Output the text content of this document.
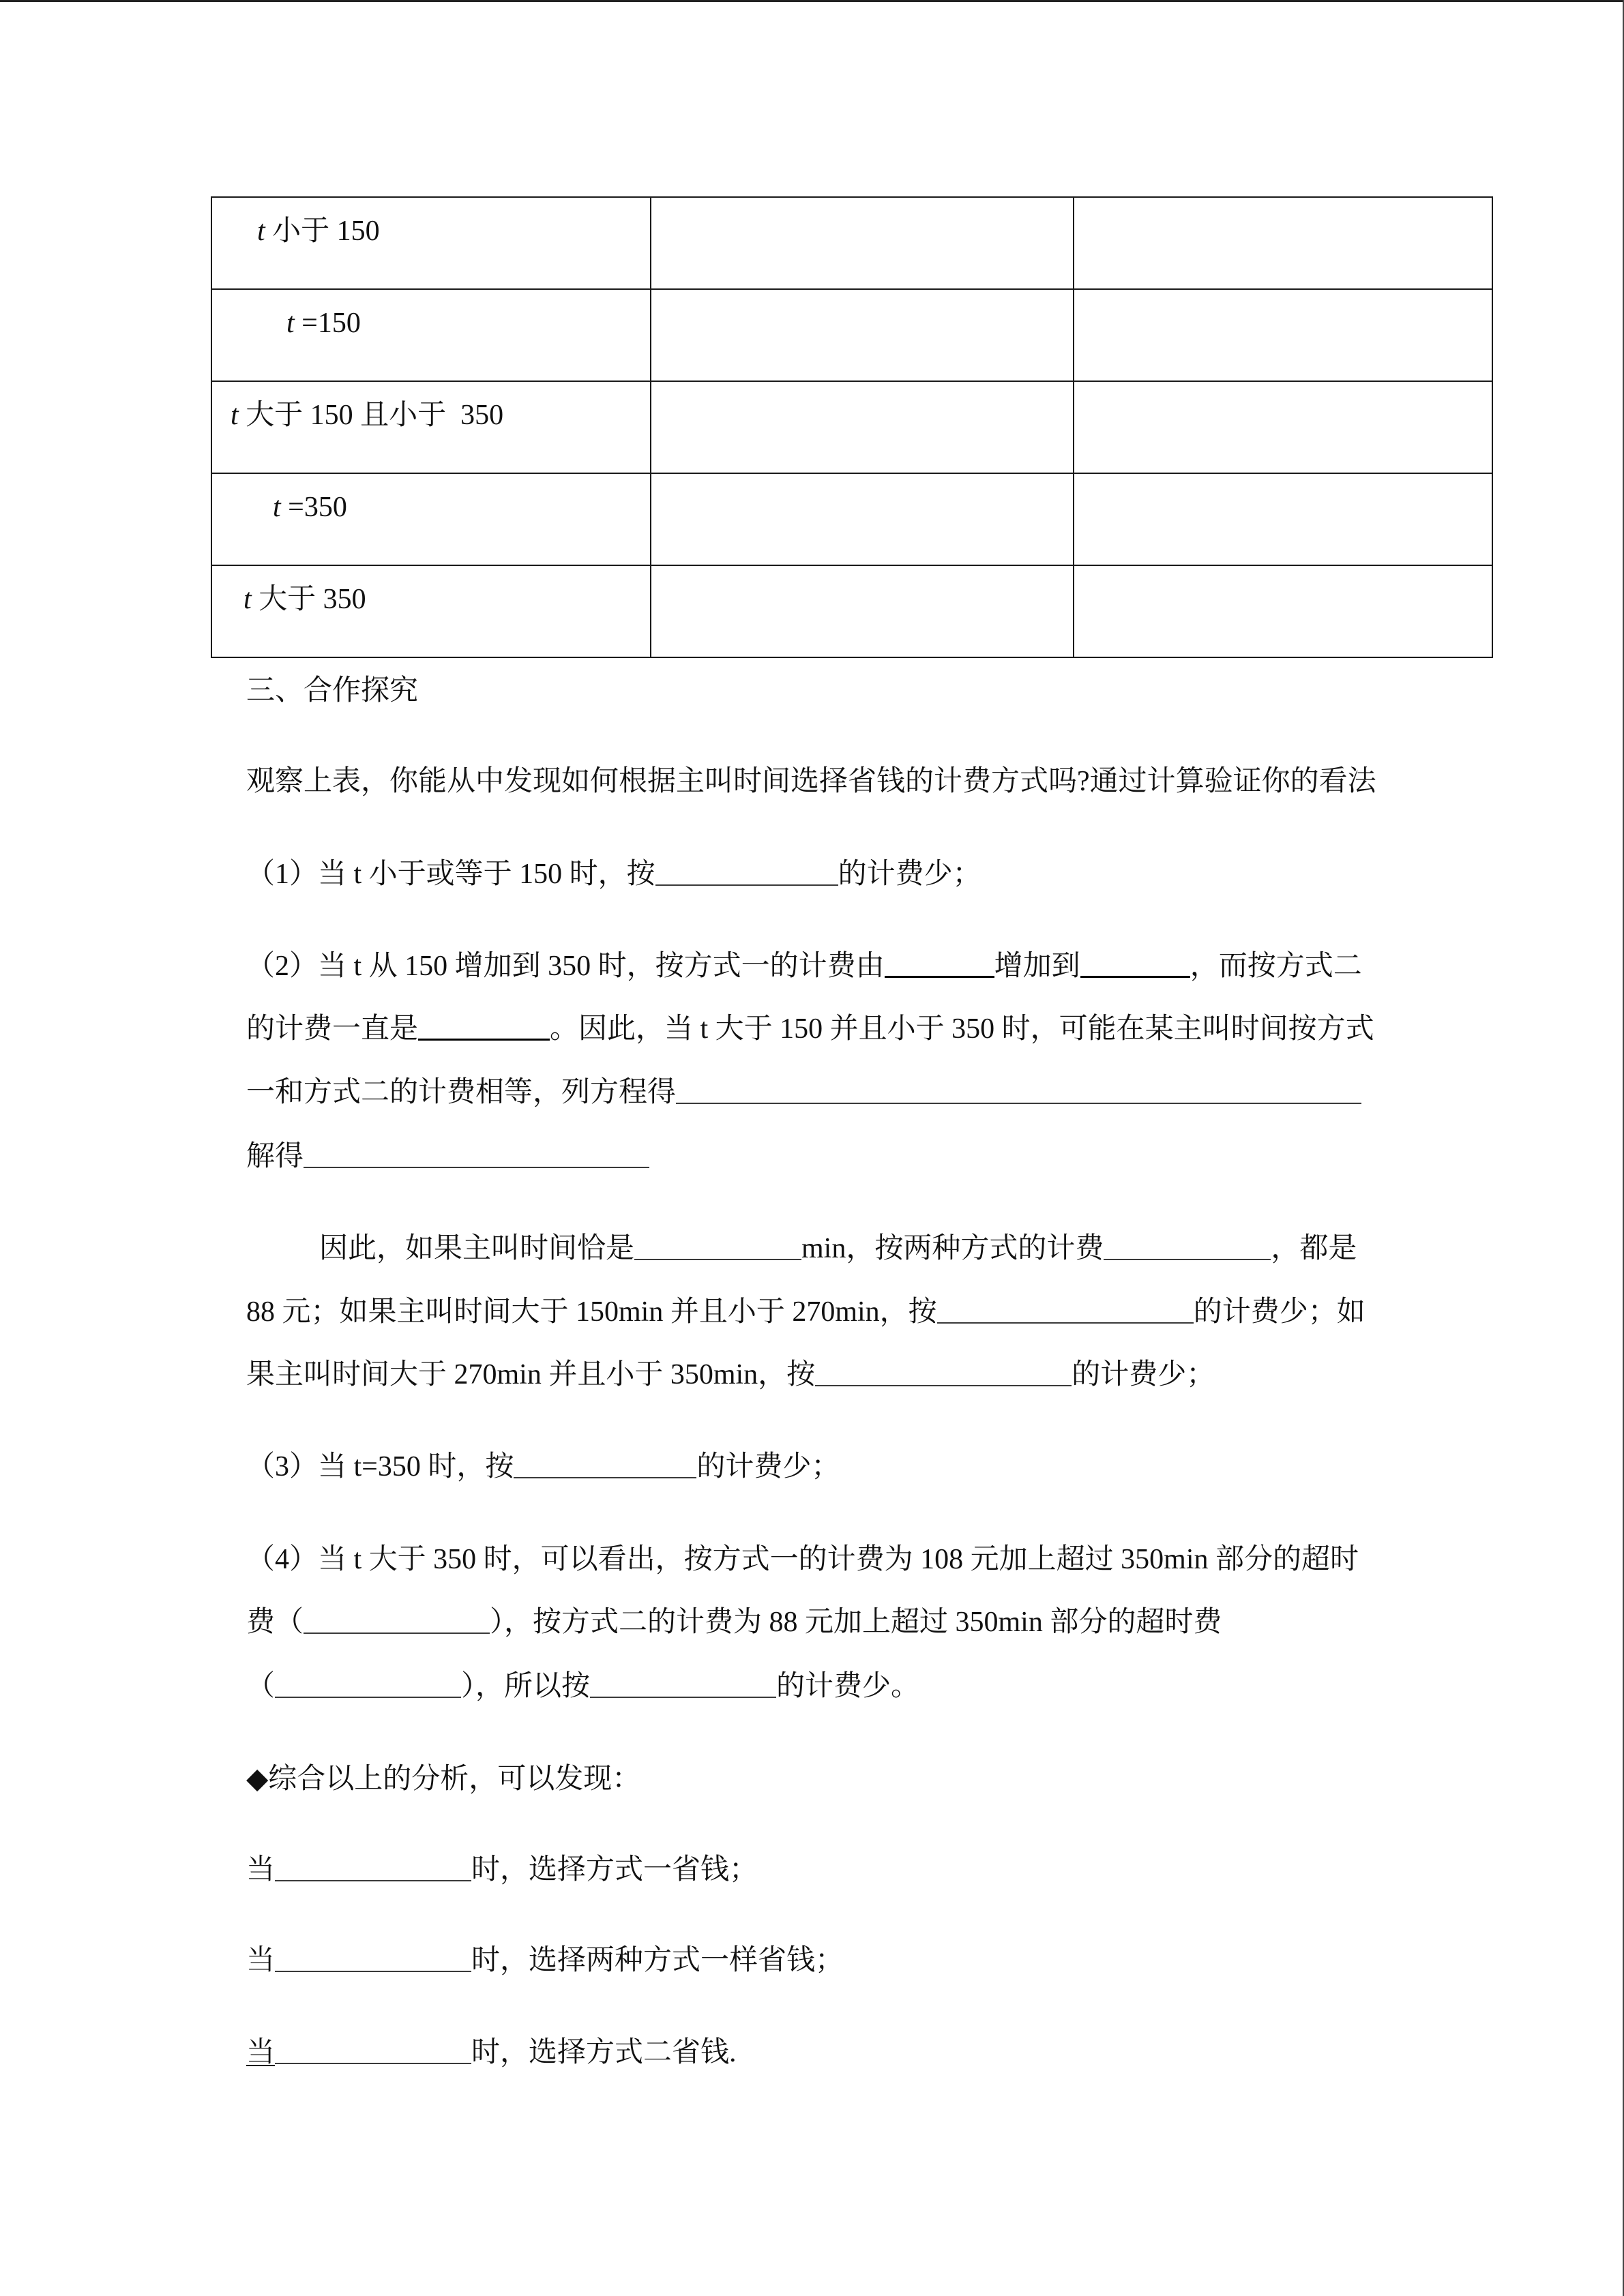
t 小于 150		
t =150		
t 大于 150 且小于  350		
t =350		
t 大于 350		
三、合作探究
观察上表，你能从中发现如何根据主叫时间选择省钱的计费方式吗?通过计算验证你的看法
（1）当 t 小于或等于 150 时，按	的计费少；
（2）当 t 从 150 增加到 350 时，按方式一的计费由	增加到	，而按方式二
的计费一直是	。因此，当 t 大于 150 并且小于 350 时，可能在某主叫时间按方式
一和方式二的计费相等，列方程得
解得
因此，如果主叫时间恰是	min，按两种方式的计费	，都是
88 元；如果主叫时间大于 150min 并且小于 270min，按	的计费少；如
果主叫时间大于 270min 并且小于 350min，按	的计费少；
（3）当 t=350 时，按	的计费少；
（4）当 t 大于 350 时，可以看出，按方式一的计费为 108 元加上超过 350min 部分的超时
费（	），按方式二的计费为 88 元加上超过 350min 部分的超时费
（	），所以按	的计费少。
◆综合以上的分析，可以发现：
当	时，选择方式一省钱；
当	时，选择两种方式一样省钱；
当	时，选择方式二省钱.
